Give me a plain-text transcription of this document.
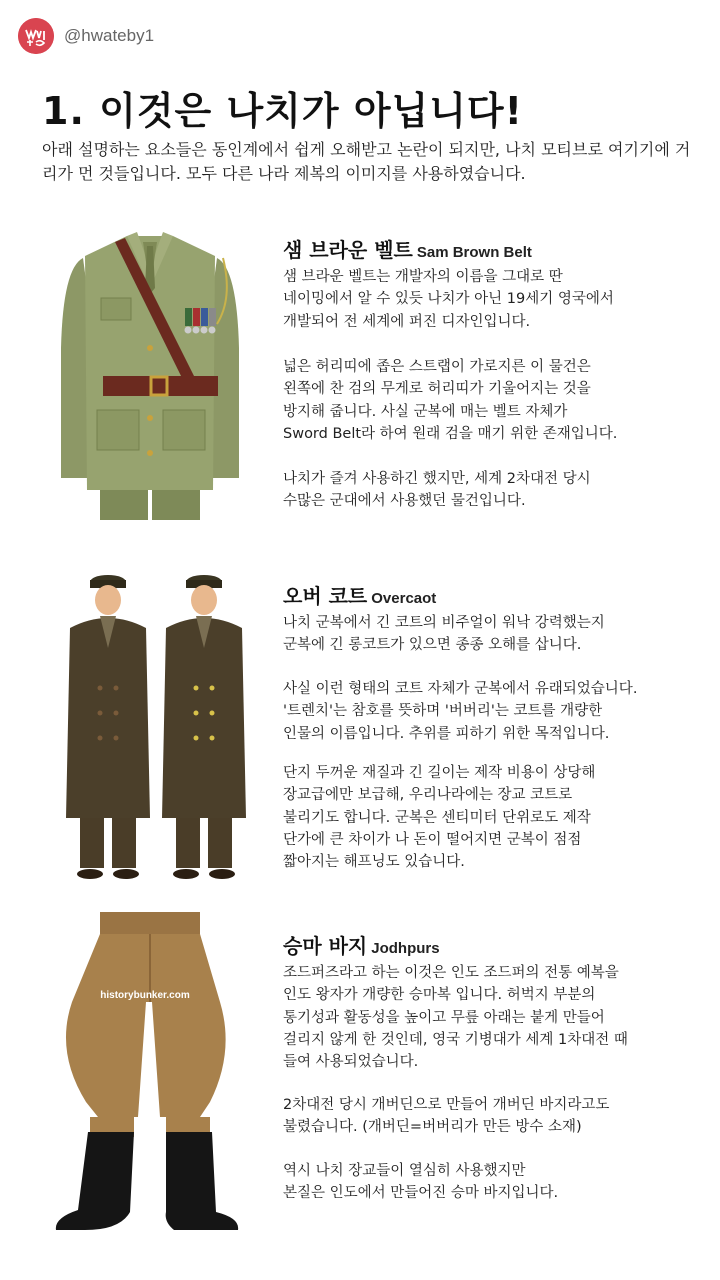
@hwateby1
1. 이것은 나치가 아닙니다!

아래 설명하는 요소들은 동인계에서 쉽게 오해받고 논란이 되지만, 나치 모티브로 여기기에 거리가 먼 것들입니다. 모두 다른 나라 제복의 이미지를 사용하였습니다.

샘 브라운 벨트 Sam Brown Belt

샘 브라운 벨트는 개발자의 이름을 그대로 딴
네이밍에서 알 수 있듯 나치가 아닌 19세기 영국에서
개발되어 전 세계에 퍼진 디자인입니다.

넓은 허리띠에 좁은 스트랩이 가로지른 이 물건은
왼쪽에 찬 검의 무게로 허리띠가 기울어지는 것을
방지해 줍니다. 사실 군복에 매는 벨트 자체가
Sword Belt라 하여 원래 검을 매기 위한 존재입니다.

나치가 즐겨 사용하긴 했지만, 세계 2차대전 당시
수많은 군대에서 사용했던 물건입니다.

오버 코트 Overcaot

나치 군복에서 긴 코트의 비주얼이 워낙 강력했는지
군복에 긴 롱코트가 있으면 종종 오해를 삽니다.

사실 이런 형태의 코트 자체가 군복에서 유래되었습니다.
'트렌치'는 참호를 뜻하며 '버버리'는 코트를 개량한
인물의 이름입니다. 추위를 피하기 위한 목적입니다.

단지 두꺼운 재질과 긴 길이는 제작 비용이 상당해
장교급에만 보급해, 우리나라에는 장교 코트로
불리기도 합니다. 군복은 센티미터 단위로도 제작
단가에 큰 차이가 나 돈이 떨어지면 군복이 점점
짧아지는 해프닝도 있습니다.

historybunker.com
승마 바지 Jodhpurs

조드퍼즈라고 하는 이것은 인도 조드퍼의 전통 예복을
인도 왕자가 개량한 승마복 입니다. 허벅지 부분의
통기성과 활동성을 높이고 무릎 아래는 붙게 만들어
걸리지 않게 한 것인데, 영국 기병대가 세계 1차대전 때
들여 사용되었습니다.

2차대전 당시 개버딘으로 만들어 개버딘 바지라고도
불렸습니다. (개버딘=버버리가 만든 방수 소재)

역시 나치 장교들이 열심히 사용했지만
본질은 인도에서 만들어진 승마 바지입니다.
